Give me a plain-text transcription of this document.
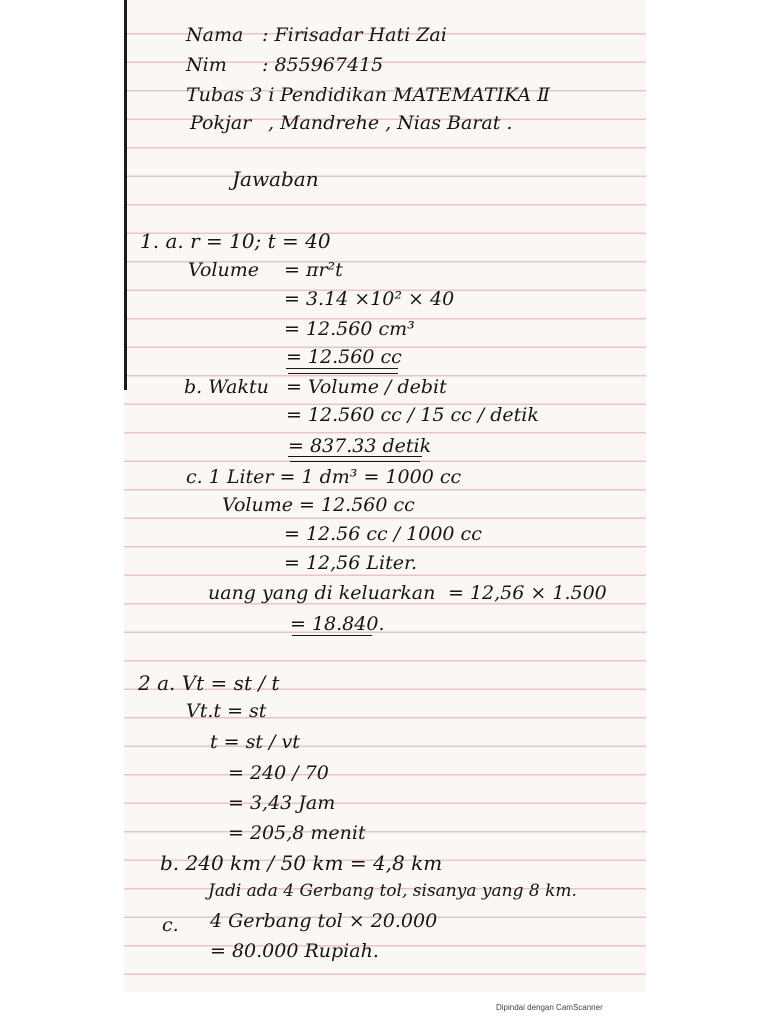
Nama : Firisadar Hati Zai
Nim : 855967415
Tubas 3 i Pendidikan MATEMATIKA Ⅱ
Pokjar , Mandrehe , Nias Barat .
Jawaban
1. a. r = 10; t = 40
Volume = πr²t
= 3.14 ×10² × 40
= 12.560 cm³
= 12.560 cc
b. Waktu = Volume / debit
= 12.560 cc / 15 cc / detik
= 837.33 detik
c. 1 Liter = 1 dm³ = 1000 cc
Volume = 12.560 cc
= 12.56 cc / 1000 cc
= 12,56 Liter.
uang yang di keluarkan = 12,56 × 1.500
= 18.840.
2 a. Vt = st / t
Vt.t = st
t = st / vt
= 240 / 70
= 3,43 Jam
= 205,8 menit
b. 240 km / 50 km = 4,8 km
Jadi ada 4 Gerbang tol, sisanya yang 8 km.
c. 4 Gerbang tol × 20.000
= 80.000 Rupiah.
Dipindai dengan CamScanner
